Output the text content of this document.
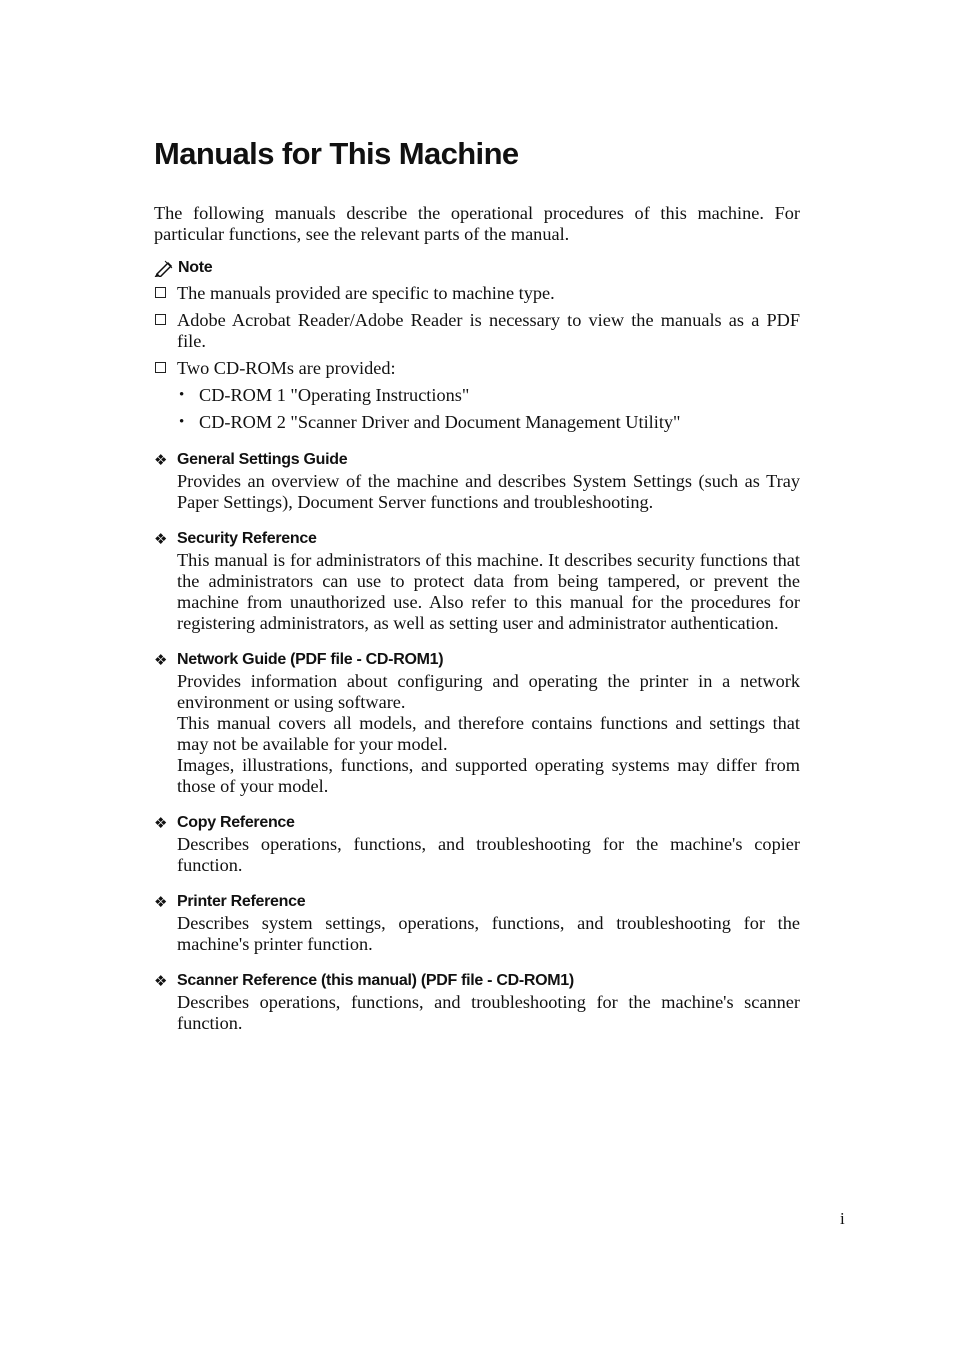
Manuals for This Machine

The following manuals describe the operational procedures of this machine. For particular functions, see the relevant parts of the manual.

Note
The manuals provided are specific to machine type.
Adobe Acrobat Reader/Adobe Reader is necessary to view the manuals as a PDF file.
Two CD-ROMs are provided:
• CD-ROM 1 "Operating Instructions"
• CD-ROM 2 "Scanner Driver and Document Management Utility"
❖ General Settings Guide

Provides an overview of the machine and describes System Settings (such as Tray Paper Settings), Document Server functions and troubleshooting.

❖ Security Reference

This manual is for administrators of this machine. It describes security functions that the administrators can use to protect data from being tampered, or prevent the machine from unauthorized use. Also refer to this manual for the procedures for registering administrators, as well as setting user and administrator authentication.

❖ Network Guide (PDF file - CD-ROM1)

Provides information about configuring and operating the printer in a network environment or using software.

This manual covers all models, and therefore contains functions and settings that may not be available for your model.

Images, illustrations, functions, and supported operating systems may differ from those of your model.

❖ Copy Reference

Describes operations, functions, and troubleshooting for the machine's copier function.

❖ Printer Reference

Describes system settings, operations, functions, and troubleshooting for the machine's printer function.

❖ Scanner Reference (this manual) (PDF file - CD-ROM1)

Describes operations, functions, and troubleshooting for the machine's scanner function.

i
